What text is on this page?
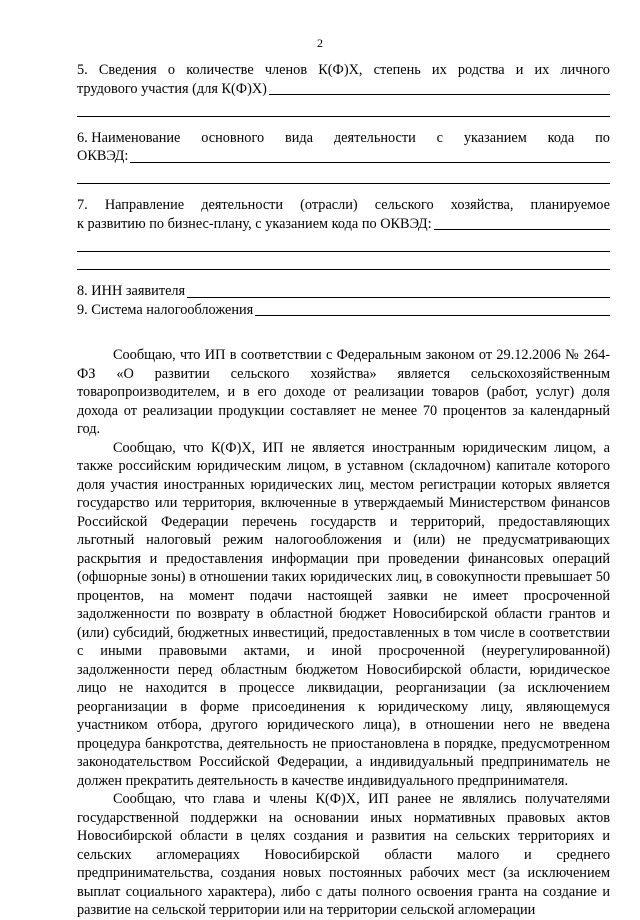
2
5. Сведения о количестве членов К(Ф)Х, степень их родства и их личного
трудового участия (для К(Ф)Х)
6. Наименование основного вида деятельности с указанием кода по
ОКВЭД:
7. Направление деятельности (отрасли) сельского хозяйства, планируемое
к развитию по бизнес-плану, с указанием кода по ОКВЭД:
8. ИНН заявителя
9. Система налогообложения

Сообщаю, что ИП в соответствии с Федеральным законом от 29.12.2006 № 264-ФЗ «О развитии сельского хозяйства» является сельскохозяйственным товаропроизводителем, и в его доходе от реализации товаров (работ, услуг) доля дохода от реализации продукции составляет не менее 70 процентов за календарный год.

Сообщаю, что К(Ф)Х, ИП не является иностранным юридическим лицом, а также российским юридическим лицом, в уставном (складочном) капитале которого доля участия иностранных юридических лиц, местом регистрации которых является государство или территория, включенные в утверждаемый Министерством финансов Российской Федерации перечень государств и территорий, предоставляющих льготный налоговый режим налогообложения и (или) не предусматривающих раскрытия и предоставления информации при проведении финансовых операций (офшорные зоны) в отношении таких юридических лиц, в совокупности превышает 50 процентов, на момент подачи настоящей заявки не имеет просроченной задолженности по возврату в областной бюджет Новосибирской области грантов и (или) субсидий, бюджетных инвестиций, предоставленных в том числе в соответствии с иными правовыми актами, и иной просроченной (неурегулированной) задолженности перед областным бюджетом Новосибирской области, юридическое лицо не находится в процессе ликвидации, реорганизации (за исключением реорганизации в форме присоединения к юридическому лицу, являющемуся участником отбора, другого юридического лица), в отношении него не введена процедура банкротства, деятельность не приостановлена в порядке, предусмотренном законодательством Российской Федерации, а индивидуальный предприниматель не должен прекратить деятельность в качестве индивидуального предпринимателя.

Сообщаю, что глава и члены К(Ф)Х, ИП ранее не являлись получателями государственной поддержки на основании иных нормативных правовых актов Новосибирской области в целях создания и развития на сельских территориях и сельских агломерациях Новосибирской области малого и среднего предпринимательства, создания новых постоянных рабочих мест (за исключением выплат социального характера), либо с даты полного освоения гранта на создание и развитие на сельской территории или на территории сельской агломерации
